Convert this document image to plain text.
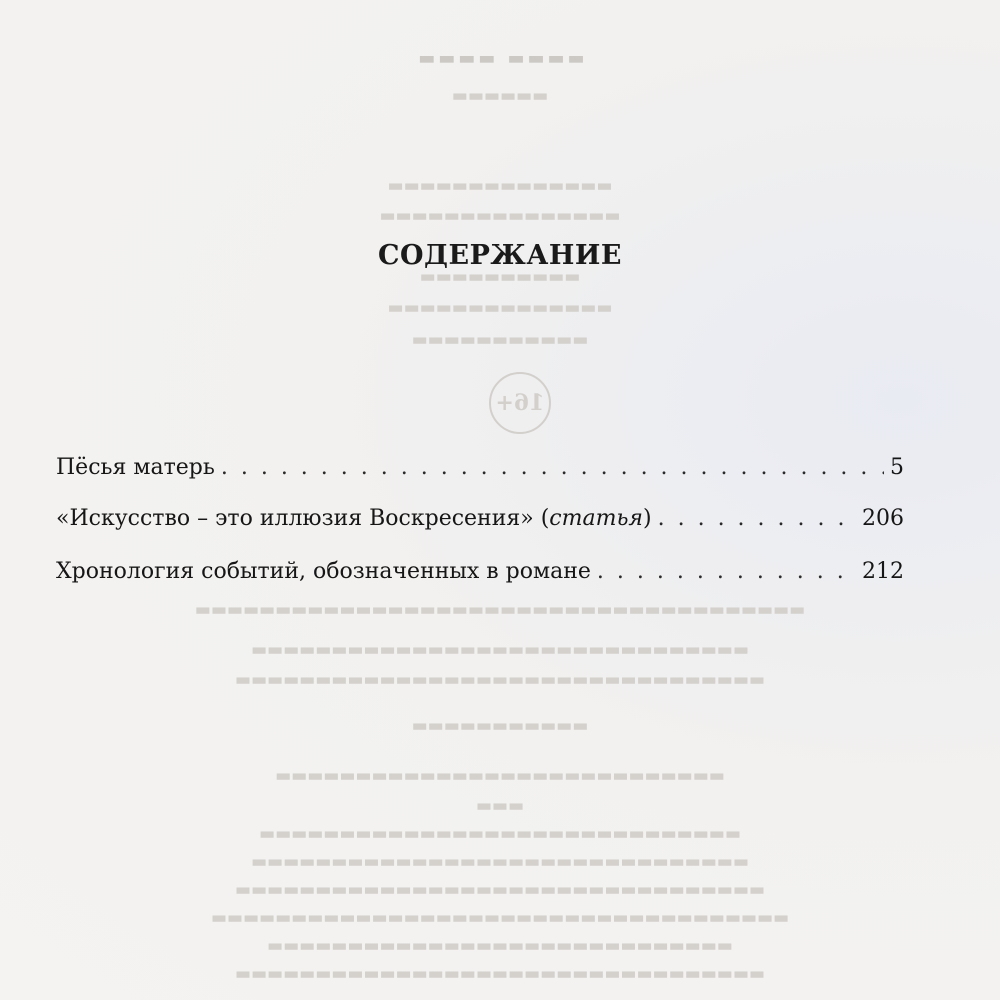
▬▬▬▬ ▬▬▬▬
▬▬▬▬▬▬
▬▬▬▬▬▬▬▬▬▬▬▬▬▬
▬▬▬▬▬▬▬▬▬▬▬▬▬▬▬
▬▬▬▬▬▬▬▬▬▬
▬▬▬▬▬▬▬▬▬▬▬▬▬▬
▬▬▬▬▬▬▬▬▬▬▬
16+
▬▬▬▬▬▬▬▬▬▬▬▬▬▬▬▬▬▬▬▬▬▬▬▬▬▬▬▬▬▬▬▬▬▬▬▬▬▬
▬▬▬▬▬▬▬▬▬▬▬▬▬▬▬▬▬▬▬▬▬▬▬▬▬▬▬▬▬▬▬
▬▬▬▬▬▬▬▬▬▬▬▬▬▬▬▬▬▬▬▬▬▬▬▬▬▬▬▬▬▬▬▬▬
▬▬▬▬▬▬▬▬▬▬▬
▬▬▬▬▬▬▬▬▬▬▬▬▬▬▬▬▬▬▬▬▬▬▬▬▬▬▬▬
▬▬▬
▬▬▬▬▬▬▬▬▬▬▬▬▬▬▬▬▬▬▬▬▬▬▬▬▬▬▬▬▬▬
▬▬▬▬▬▬▬▬▬▬▬▬▬▬▬▬▬▬▬▬▬▬▬▬▬▬▬▬▬▬▬
▬▬▬▬▬▬▬▬▬▬▬▬▬▬▬▬▬▬▬▬▬▬▬▬▬▬▬▬▬▬▬▬▬
▬▬▬▬▬▬▬▬▬▬▬▬▬▬▬▬▬▬▬▬▬▬▬▬▬▬▬▬▬▬▬▬▬▬▬▬
▬▬▬▬▬▬▬▬▬▬▬▬▬▬▬▬▬▬▬▬▬▬▬▬▬▬▬▬▬
▬▬▬▬▬▬▬▬▬▬▬▬▬▬▬▬▬▬▬▬▬▬▬▬▬▬▬▬▬▬▬▬▬
СОДЕРЖАНИЕ
Пёсья матерь . . .	5
«Искусство – это иллюзия Воскресения» (статья) . . .	206
Хронология событий, обозначенных в романе . . .	212
